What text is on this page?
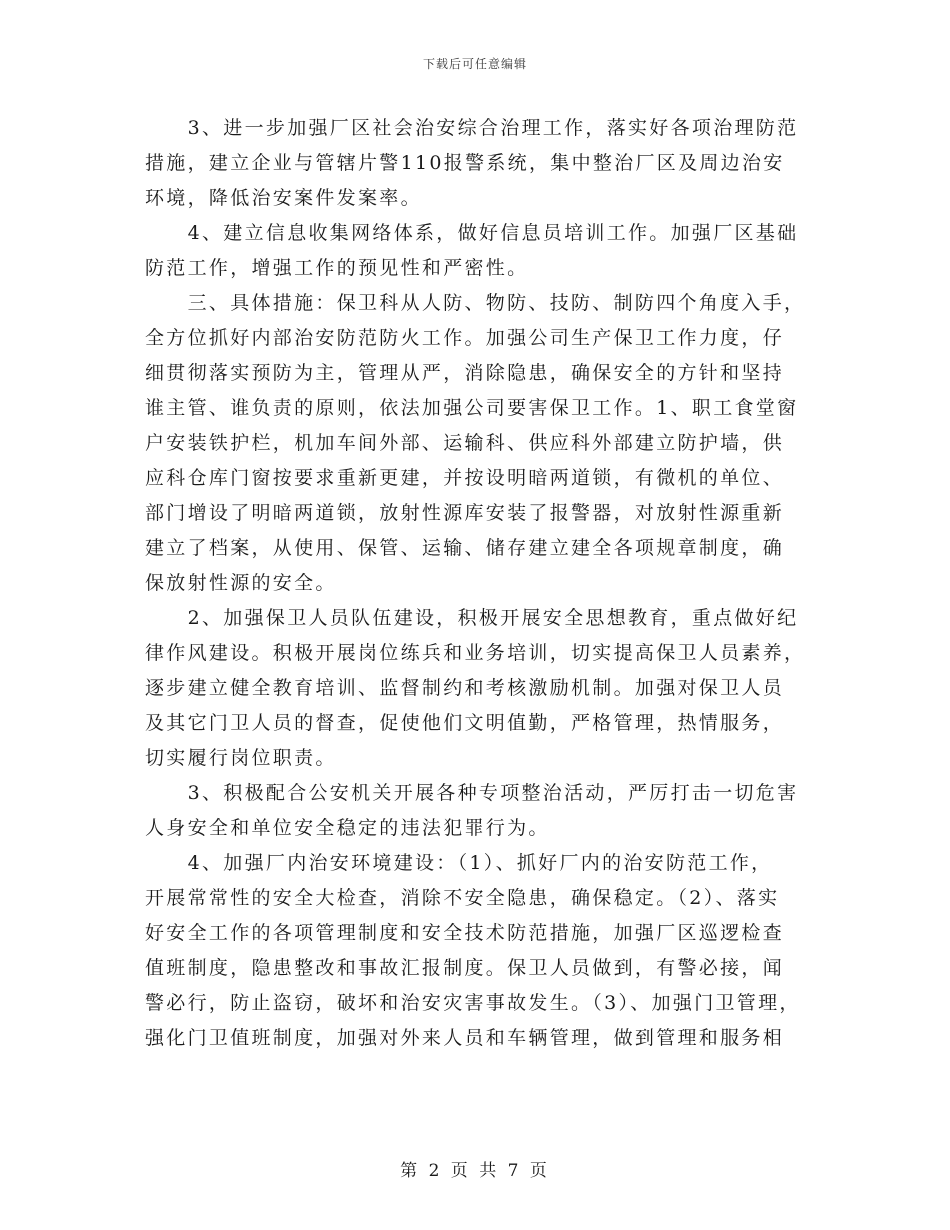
下载后可任意编辑
　　3、进一步加强厂区社会治安综合治理工作，落实好各项治理防范
措施，建立企业与管辖片警110报警系统，集中整治厂区及周边治安
环境，降低治安案件发案率。
　　4、建立信息收集网络体系，做好信息员培训工作。加强厂区基础
防范工作，增强工作的预见性和严密性。
　　三、具体措施：保卫科从人防、物防、技防、制防四个角度入手，
全方位抓好内部治安防范防火工作。加强公司生产保卫工作力度，仔
细贯彻落实预防为主，管理从严，消除隐患，确保安全的方针和坚持
谁主管、谁负责的原则，依法加强公司要害保卫工作。1、职工食堂窗
户安装铁护栏，机加车间外部、运输科、供应科外部建立防护墙，供
应科仓库门窗按要求重新更建，并按设明暗两道锁，有微机的单位、
部门增设了明暗两道锁，放射性源库安装了报警器，对放射性源重新
建立了档案，从使用、保管、运输、储存建立建全各项规章制度，确
保放射性源的安全。
　　2、加强保卫人员队伍建设，积极开展安全思想教育，重点做好纪
律作风建设。积极开展岗位练兵和业务培训，切实提高保卫人员素养，
逐步建立健全教育培训、监督制约和考核激励机制。加强对保卫人员
及其它门卫人员的督查，促使他们文明值勤，严格管理，热情服务，
切实履行岗位职责。
　　3、积极配合公安机关开展各种专项整治活动，严厉打击一切危害
人身安全和单位安全稳定的违法犯罪行为。
　　4、加强厂内治安环境建设：（1）、抓好厂内的治安防范工作，
开展常常性的安全大检查，消除不安全隐患，确保稳定。（2）、落实
好安全工作的各项管理制度和安全技术防范措施，加强厂区巡逻检查
值班制度，隐患整改和事故汇报制度。保卫人员做到，有警必接，闻
警必行，防止盗窃，破坏和治安灾害事故发生。（3）、加强门卫管理，
强化门卫值班制度，加强对外来人员和车辆管理，做到管理和服务相
第 2 页 共 7 页
